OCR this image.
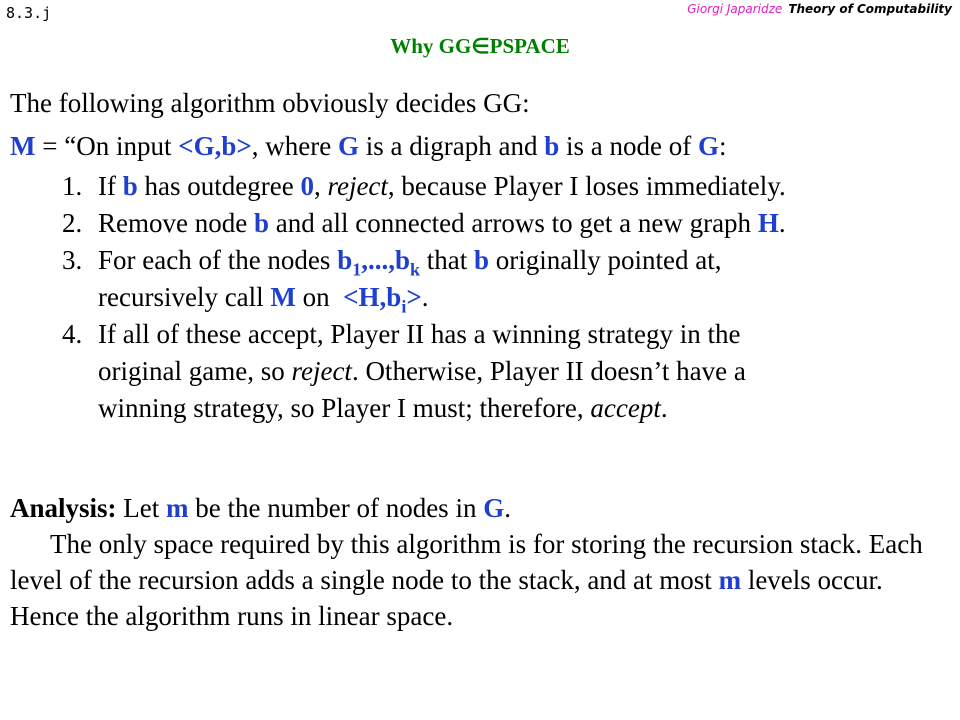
8.3.j	Giorgi Japaridze Theory of Computability
Why GG∈PSPACE
The following algorithm obviously decides GG:
M = “On input <G,b>, where G is a digraph and b is a node of G:
1. If b has outdegree 0, reject, because Player I loses immediately.
2. Remove node b and all connected arrows to get a new graph H.
3. For each of the nodes $b_1,...,b_k$ that b originally pointed at,
recursively call M on  $<H,b_i>$.
4. If all of these accept, Player II has a winning strategy in the
original game, so reject. Otherwise, Player II doesn’t have a
winning strategy, so Player I must; therefore, accept.

Analysis: Let m be the number of nodes in G.

The only space required by this algorithm is for storing the recursion stack. Each level of the recursion adds a single node to the stack, and at most m levels occur. Hence the algorithm runs in linear space.
